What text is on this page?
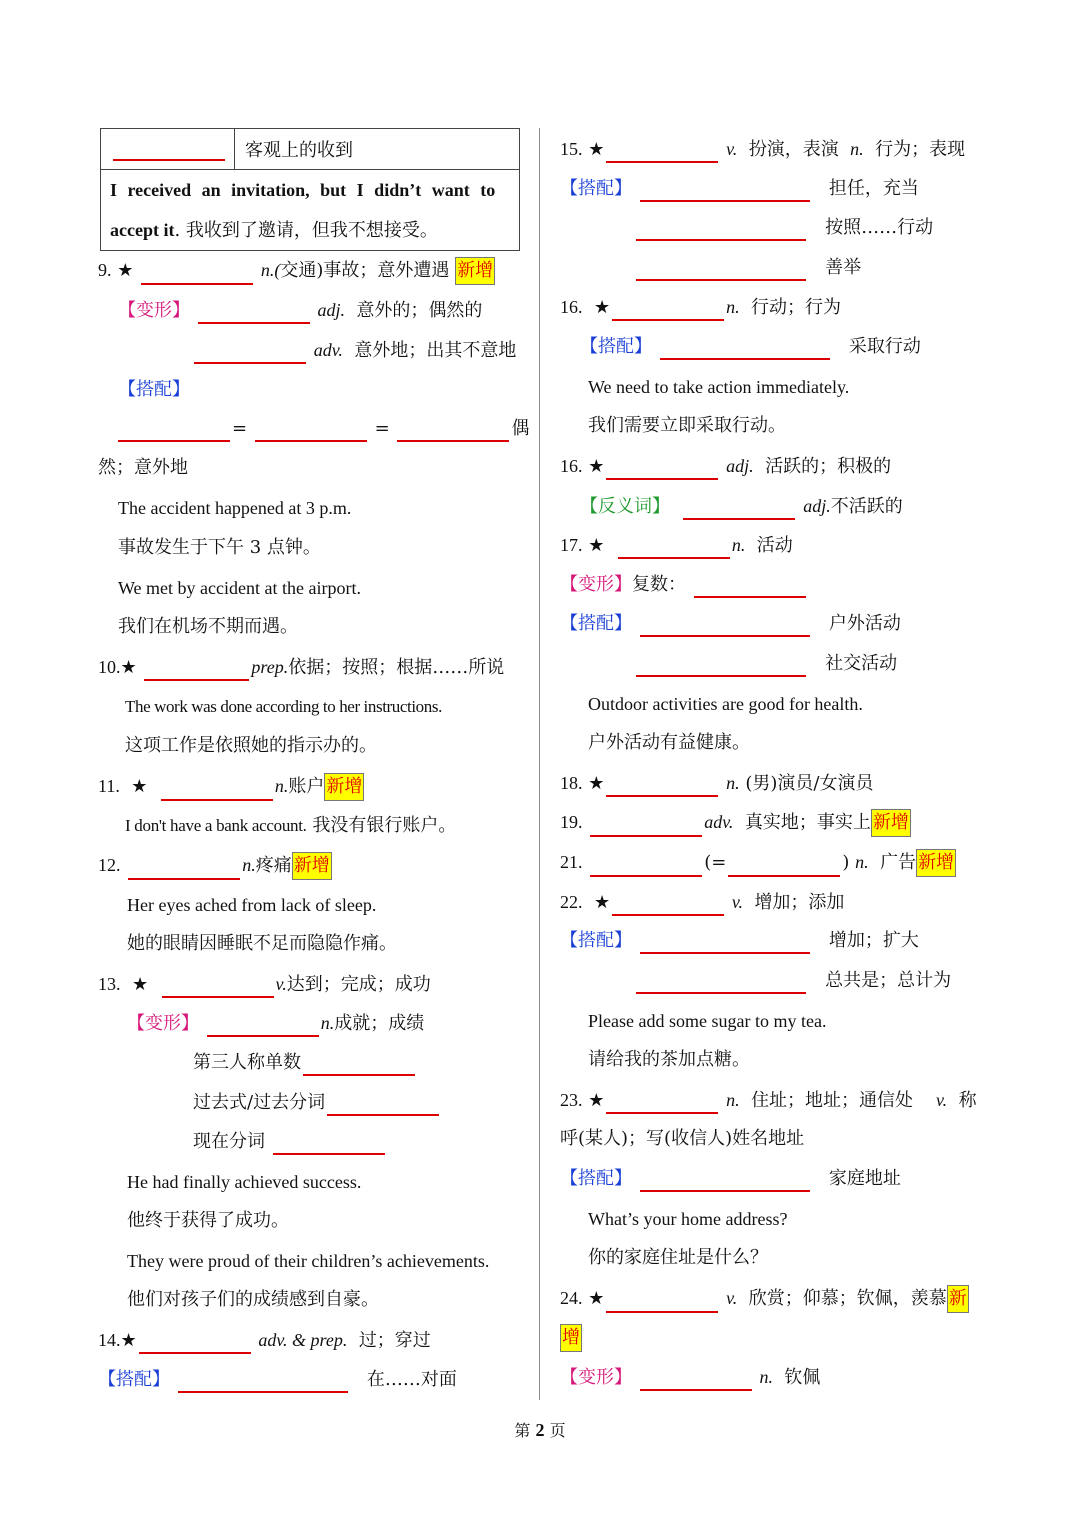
客观上的收到
I received an invitation, but I didn’t want to
accept it. 我收到了邀请，但我不想接受。
9. ★	n.(交通)事故；意外遭遇 新增
【变形】	adj. 意外的；偶然的
adv. 意外地；出其不意地
【搭配】
=	=	偶
然；意外地
The accident happened at 3 p.m.
事故发生于下午 3 点钟。
We met by accident at the airport.
我们在机场不期而遇。
10.★	prep.依据；按照；根据……所说
The work was done according to her instructions.
这项工作是依照她的指示办的。
11. ★	n.账户 新增
I don't have a bank account. 我没有银行账户。
12.	n.疼痛 新增
Her eyes ached from lack of sleep.
她的眼睛因睡眠不足而隐隐作痛。
13. ★	v.达到；完成；成功
【变形】	n.成就；成绩
第三人称单数
过去式/过去分词
现在分词
He had finally achieved success.
他终于获得了成功。
They were proud of their children’s achievements.
他们对孩子们的成绩感到自豪。
14.★	adv. & prep. 过；穿过
【搭配】	在……对面
15. ★	v. 扮演，表演 n. 行为；表现
【搭配】	担任，充当
按照……行动
善举
16. ★	n. 行动；行为
【搭配】	采取行动
We need to take action immediately.
我们需要立即采取行动。
16. ★	adj. 活跃的；积极的
【反义词】	adj.不活跃的
17. ★	n. 活动
【变形】复数：
【搭配】	户外活动
社交活动
Outdoor activities are good for health.
户外活动有益健康。
18. ★	n. (男)演员/女演员
19.	adv. 真实地；事实上 新增
21.	(=	) n. 广告 新增
22. ★	v. 增加；添加
【搭配】	增加；扩大
总共是；总计为
Please add some sugar to my tea.
请给我的茶加点糖。
23. ★	n. 住址；地址；通信处 v. 称
呼(某人)；写(收信人)姓名地址
【搭配】	家庭地址
What’s your home address?
你的家庭住址是什么？
24. ★	v. 欣赏；仰慕；钦佩，羡慕 新
增
【变形】	n. 钦佩
第 2 页
